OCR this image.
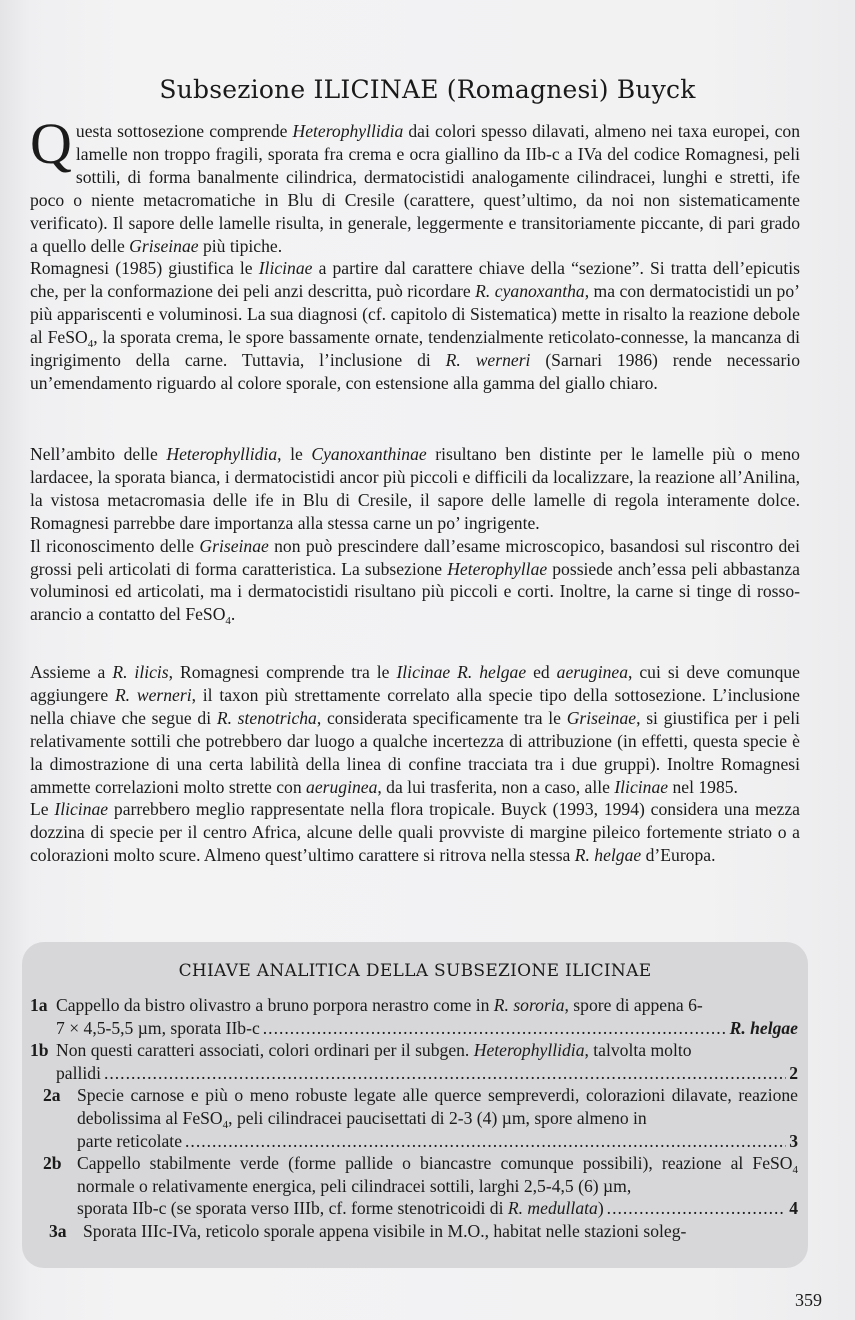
Subsezione ILICINAE (Romagnesi) Buyck

Questa sottosezione comprende Heterophyllidia dai colori spesso dilavati, almeno nei taxa europei, con lamelle non troppo fragili, sporata fra crema e ocra giallino da IIb-c a IVa del codice Romagnesi, peli sottili, di forma banalmente cilindrica, dermatocistidi analogamente cilindracei, lunghi e stretti, ife poco o niente metacromatiche in Blu di Cresile (carattere, quest’ultimo, da noi non sistematicamente verificato). Il sapore delle lamelle risulta, in generale, leggermente e transitoriamente piccante, di pari grado a quello delle Griseinae più tipiche.

Romagnesi (1985) giustifica le Ilicinae a partire dal carattere chiave della “sezione”. Si tratta dell’epicutis che, per la conformazione dei peli anzi descritta, può ricordare R. cyanoxantha, ma con dermatocistidi un po’ più appariscenti e voluminosi. La sua diagnosi (cf. capitolo di Sistematica) mette in risalto la reazione debole al FeSO$_4$, la sporata crema, le spore bassamente ornate, tendenzialmente reticolato-connesse, la mancanza di ingrigimento della carne. Tuttavia, l’inclusione di R. werneri (Sarnari 1986) rende necessario un’emendamento riguardo al colore sporale, con estensione alla gamma del giallo chiaro.

Nell’ambito delle Heterophyllidia, le Cyanoxanthinae risultano ben distinte per le lamelle più o meno lardacee, la sporata bianca, i dermatocistidi ancor più piccoli e difficili da localizzare, la reazione all’Anilina, la vistosa metacromasia delle ife in Blu di Cresile, il sapore delle lamelle di regola interamente dolce. Romagnesi parrebbe dare importanza alla stessa carne un po’ ingrigente.

Il riconoscimento delle Griseinae non può prescindere dall’esame microscopico, basandosi sul riscontro dei grossi peli articolati di forma caratteristica. La subsezione Heterophyllae possiede anch’essa peli abbastanza voluminosi ed articolati, ma i dermatocistidi risultano più piccoli e corti. Inoltre, la carne si tinge di rosso-arancio a contatto del FeSO$_4$.

Assieme a R. ilicis, Romagnesi comprende tra le Ilicinae R. helgae ed aeruginea, cui si deve comunque aggiungere R. werneri, il taxon più strettamente correlato alla specie tipo della sottosezione. L’inclusione nella chiave che segue di R. stenotricha, considerata specificamente tra le Griseinae, si giustifica per i peli relativamente sottili che potrebbero dar luogo a qualche incertezza di attribuzione (in effetti, questa specie è la dimostrazione di una certa labilità della linea di confine tracciata tra i due gruppi). Inoltre Romagnesi ammette correlazioni molto strette con aeruginea, da lui trasferita, non a caso, alle Ilicinae nel 1985.

Le Ilicinae parrebbero meglio rappresentate nella flora tropicale. Buyck (1993, 1994) considera una mezza dozzina di specie per il centro Africa, alcune delle quali provviste di margine pileico fortemente striato o a colorazioni molto scure. Almeno quest’ultimo carattere si ritrova nella stessa R. helgae d’Europa.

CHIAVE ANALITICA DELLA SUBSEZIONE ILICINAE
1a Cappello da bistro olivastro a bruno porpora nerastro come in R. sororia, spore di appena 6-
7 × 4,5-5,5 µm, sporata IIb-c .....	R. helgae
1b Non questi caratteri associati, colori ordinari per il subgen. Heterophyllidia, talvolta molto
pallidi .....	2
2a Specie carnose e più o meno robuste legate alle querce sempreverdi, colorazioni dilavate, reazione debolissima al FeSO$_4$, peli cilindracei paucisettati di 2-3 (4) µm, spore almeno in
parte reticolate .....	3
2b Cappello stabilmente verde (forme pallide o biancastre comunque possibili), reazione al FeSO$_4$ normale o relativamente energica, peli cilindracei sottili, larghi 2,5-4,5 (6) µm,
sporata IIb-c (se sporata verso IIIb, cf. forme stenotricoidi di R. medullata) .....	4
3a Sporata IIIc-IVa, reticolo sporale appena visibile in M.O., habitat nelle stazioni soleg-
359
